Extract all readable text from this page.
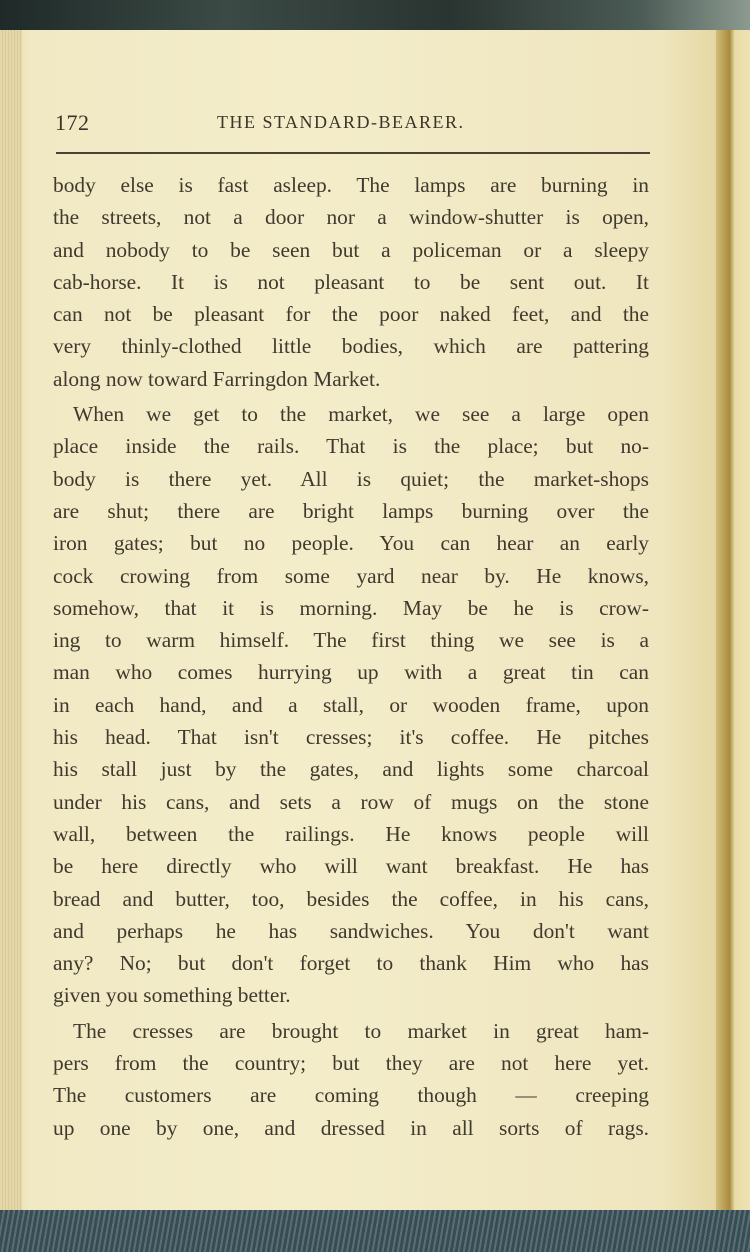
172	THE STANDARD-BEARER.
body else is fast asleep. The lamps are burning in
the streets, not a door nor a window-shutter is open,
and nobody to be seen but a policeman or a sleepy
cab-horse. It is not pleasant to be sent out. It
can not be pleasant for the poor naked feet, and the
very thinly-clothed little bodies, which are pattering
along now toward Farringdon Market.
When we get to the market, we see a large open
place inside the rails. That is the place; but no-
body is there yet. All is quiet; the market-shops
are shut; there are bright lamps burning over the
iron gates; but no people. You can hear an early
cock crowing from some yard near by. He knows,
somehow, that it is morning. May be he is crow-
ing to warm himself. The first thing we see is a
man who comes hurrying up with a great tin can
in each hand, and a stall, or wooden frame, upon
his head. That isn't cresses; it's coffee. He pitches
his stall just by the gates, and lights some charcoal
under his cans, and sets a row of mugs on the stone
wall, between the railings. He knows people will
be here directly who will want breakfast. He has
bread and butter, too, besides the coffee, in his cans,
and perhaps he has sandwiches. You don't want
any? No; but don't forget to thank Him who has
given you something better.
The cresses are brought to market in great ham-
pers from the country; but they are not here yet.
The customers are coming though — creeping
up one by one, and dressed in all sorts of rags.
